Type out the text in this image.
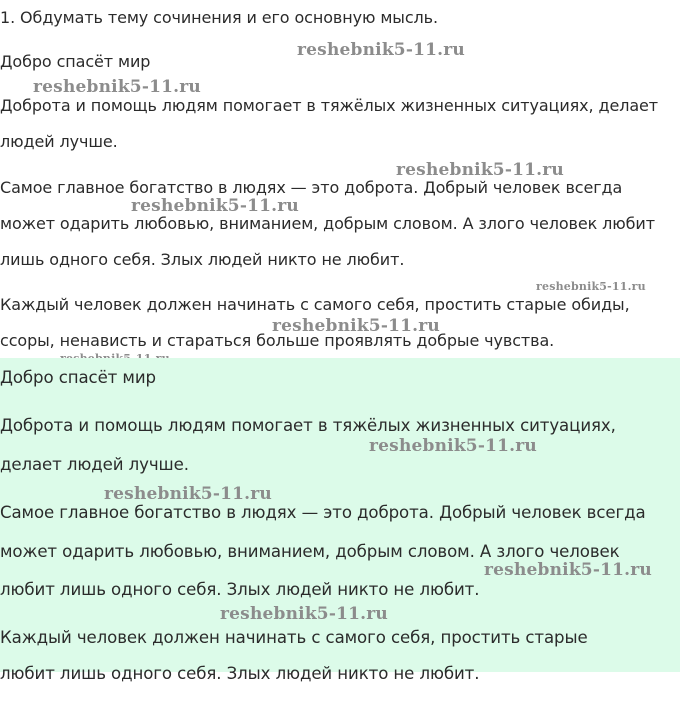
1. Обдумать тему сочинения и его основную мысль.
Добро спасёт мир
Доброта и помощь людям помогает в тяжёлых жизненных ситуациях, делает
людей лучше.
Самое главное богатство в людях — это доброта. Добрый человек всегда
может одарить любовью, вниманием, добрым словом. А злого человек любит
лишь одного себя. Злых людей никто не любит.
Каждый человек должен начинать с самого себя, простить старые обиды,
ссоры, ненависть и стараться больше проявлять добрые чувства.
reshebnik5-11.ru
reshebnik5-11.ru
reshebnik5-11.ru
reshebnik5-11.ru
reshebnik5-11.ru
reshebnik5-11.ru
Добро спасёт мир
Доброта и помощь людям помогает в тяжёлых жизненных ситуациях,
делает людей лучше.
Самое главное богатство в людях — это доброта. Добрый человек всегда
может одарить любовью, вниманием, добрым словом. А злого человек
любит лишь одного себя. Злых людей никто не любит.
Каждый человек должен начинать с самого себя, простить старые
любит лишь одного себя. Злых людей никто не любит.
reshebnik5-11.ru
reshebnik5-11.ru
reshebnik5-11.ru
reshebnik5-11.ru
